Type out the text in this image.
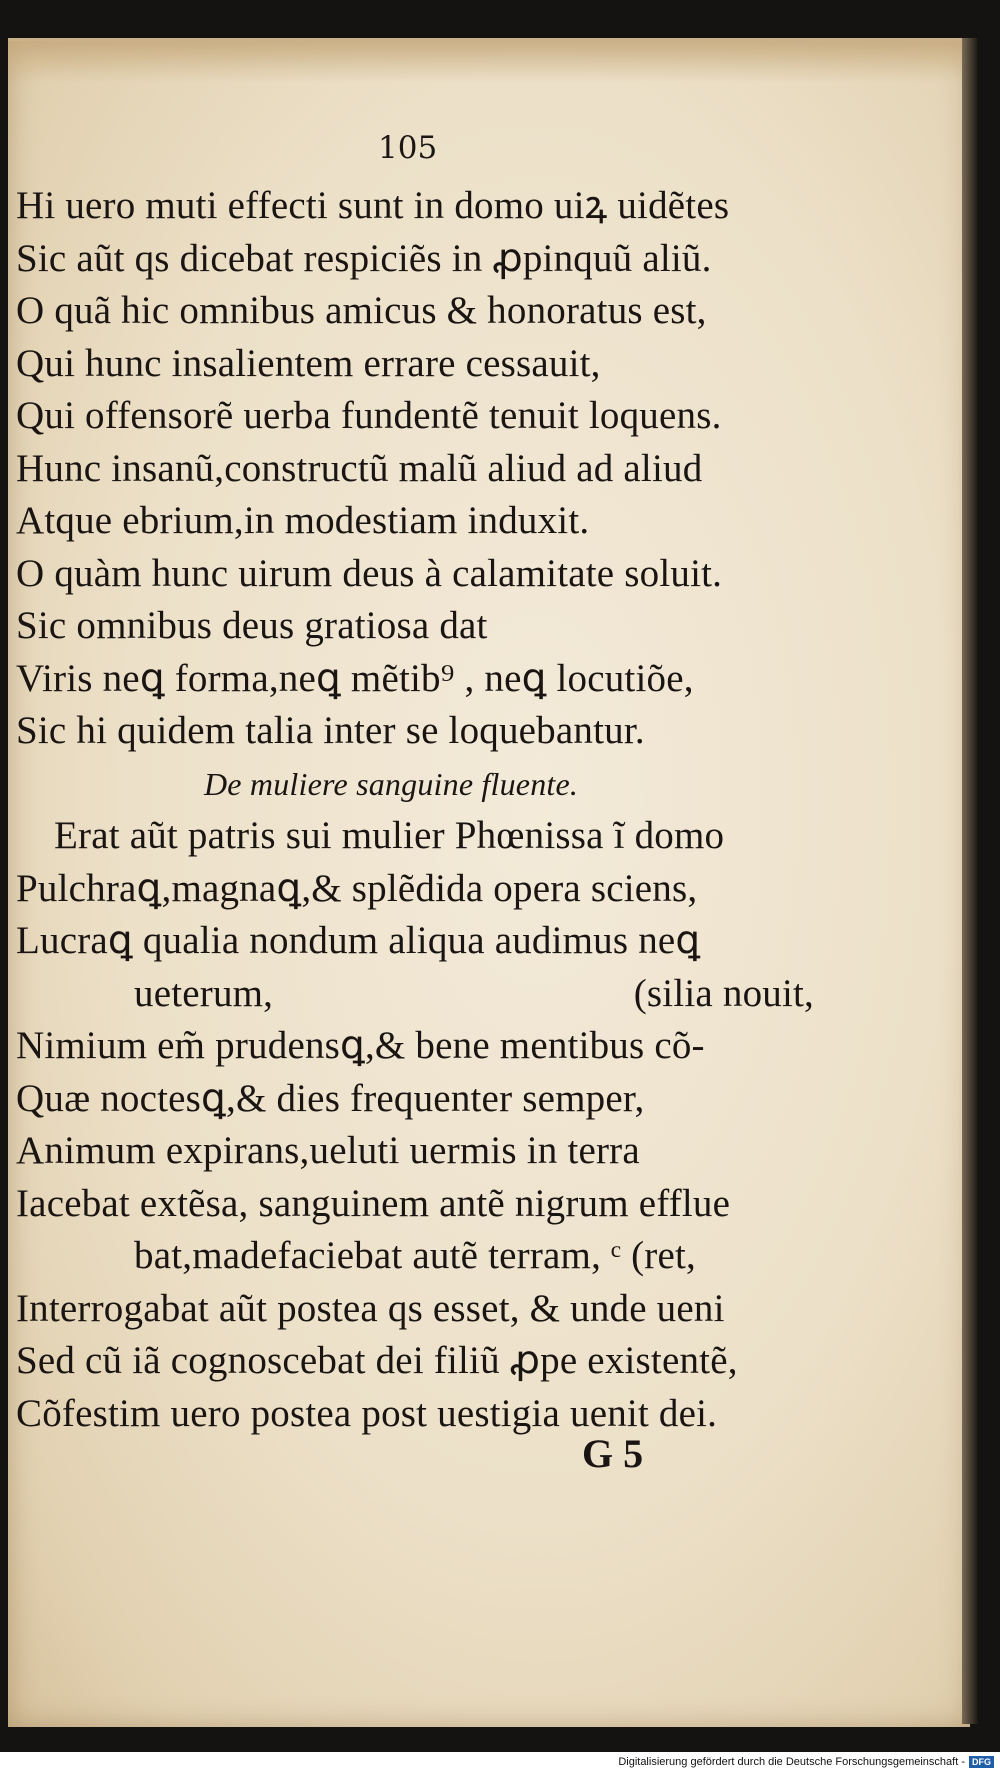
105
Hi uero muti effecti sunt in domo uiꝝ uidẽtes
Sic aũt qs dicebat respiciẽs in ꝓpinquũ aliũ.
O quã hic omnibus amicus & honoratus est,
Qui hunc insalientem errare cessauit,
Qui offensorẽ uerba fundentẽ tenuit loquens.
Hunc insanũ,constructũ malũ aliud ad aliud
Atque ebrium,in modestiam induxit.
O quàm hunc uirum deus à calamitate soluit.
Sic omnibus deus gratiosa dat
Viris neꝗ forma,neꝗ mẽtib⁹ , neꝗ locutiõe,
Sic hi quidem talia inter se loquebantur.
De muliere sanguine fluente.
Erat aũt patris sui mulier Phœnissa ĩ domo
Pulchraꝗ,magnaꝗ,& splẽdida opera sciens,
Lucraꝗ qualia nondum aliqua audimus neꝗ
ueterum,	(silia nouit,
Nimium em̃ prudensꝗ,& bene mentibus cõ-
Quæ noctesꝗ,& dies frequenter semper,
Animum expirans,ueluti uermis in terra
Iacebat extẽsa, sanguinem antẽ nigrum efflue
bat,madefaciebat autẽ terram, ᶜ (ret,
Interrogabat aũt postea qs esset, & unde ueni
Sed cũ iã cognoscebat dei filiũ ꝓpe existentẽ,
Cõfestim uero postea post uestigia uenit dei.
G 5
Digitalisierung gefördert durch die Deutsche Forschungsgemeinschaft - DFG
